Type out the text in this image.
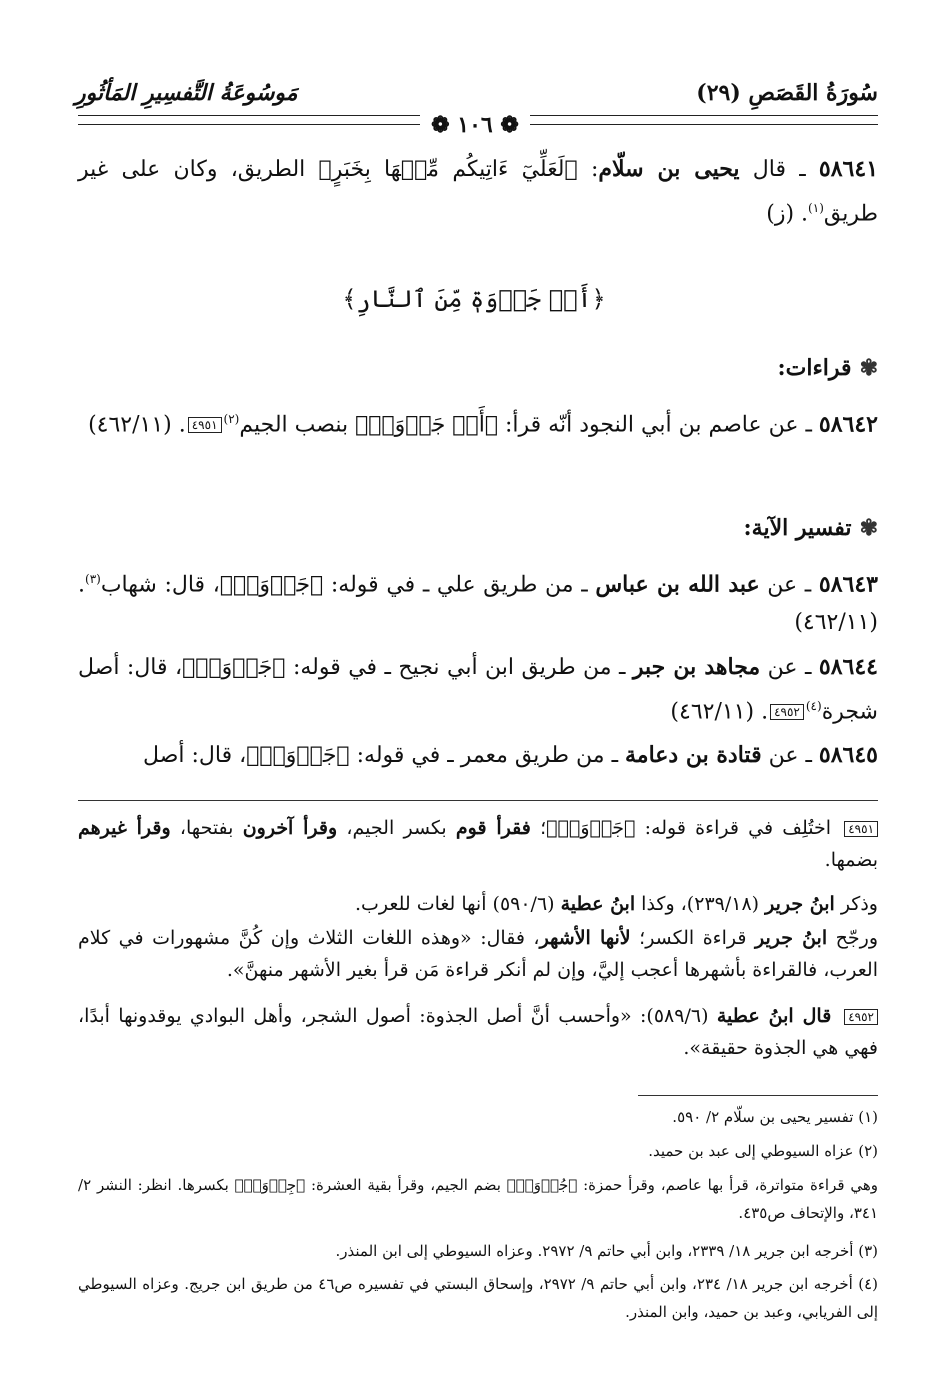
سُورَةُ القَصَصِ (٢٩)
مَوسُوعَةُ التَّفسِيرِ المَأثُورِ
❁ ١٠٦ ❁
٥٨٦٤١ ـ قال يحيى بن سلّام: ﴿لَعَلِّيٓ ءَاتِيكُم مِّنۡهَا بِخَبَرٍ﴾ الطريق، وكان على غير طريق$^{(١)}$. (ز)
﴿أَوۡ جَذۡوَةٖ مِّنَ ٱلنَّارِ﴾
✾قراءات:
٥٨٦٤٢ ـ عن عاصم بن أبي النجود أنّه قرأ: ﴿أَوۡ جَذۡوَةٖ﴾ بنصب الجيم$^{(٢)}$٤٩٥١. (٤٦٢/١١)
✾تفسير الآية:
٥٨٦٤٣ ـ عن عبد الله بن عباس ـ من طريق علي ـ في قوله: ﴿جَذۡوَةٖ﴾، قال: شهاب$^{(٣)}$. (٤٦٢/١١)
٥٨٦٤٤ ـ عن مجاهد بن جبر ـ من طريق ابن أبي نجيح ـ في قوله: ﴿جَذۡوَةٖ﴾، قال: أصل شجرة$^{(٤)}$٤٩٥٢. (٤٦٢/١١)
٥٨٦٤٥ ـ عن قتادة بن دعامة ـ من طريق معمر ـ في قوله: ﴿جَذۡوَةٖ﴾، قال: أصل
٤٩٥١ اختُلِف في قراءة قوله: ﴿جَذۡوَةٖ﴾؛ فقرأ قوم بكسر الجيم، وقرأ آخرون بفتحها، وقرأ غيرهم بضمها.
وذكر ابنُ جرير (٢٣٩/١٨)، وكذا ابنُ عطية (٥٩٠/٦) أنها لغات للعرب.
ورجّح ابنُ جرير قراءة الكسر؛ لأنها الأشهر، فقال: «وهذه اللغات الثلاث وإن كُنَّ مشهورات في كلام العرب، فالقراءة بأشهرها أعجب إليَّ، وإن لم أنكر قراءة مَن قرأ بغير الأشهر منهنَّ».
٤٩٥٢ قال ابنُ عطية (٥٨٩/٦): «وأحسب أنَّ أصل الجذوة: أصول الشجر، وأهل البوادي يوقدونها أبدًا، فهي هي الجذوة حقيقة».
(١) تفسير يحيى بن سلّام ٢/ ٥٩٠.
(٢) عزاه السيوطي إلى عبد بن حميد.
وهي قراءة متواترة، قرأ بها عاصم، وقرأ حمزة: ﴿جُذۡوَةٖ﴾ بضم الجيم، وقرأ بقية العشرة: ﴿جِذۡوَةٖ﴾ بكسرها. انظر: النشر ٢/ ٣٤١، والإتحاف ص٤٣٥.
(٣) أخرجه ابن جرير ١٨/ ٢٣٣٩، وابن أبي حاتم ٩/ ٢٩٧٢. وعزاه السيوطي إلى ابن المنذر.
(٤) أخرجه ابن جرير ١٨/ ٢٣٤، وابن أبي حاتم ٩/ ٢٩٧٢، وإسحاق البستي في تفسيره ص٤٦ من طريق ابن جريج. وعزاه السيوطي إلى الفريابي، وعبد بن حميد، وابن المنذر.
